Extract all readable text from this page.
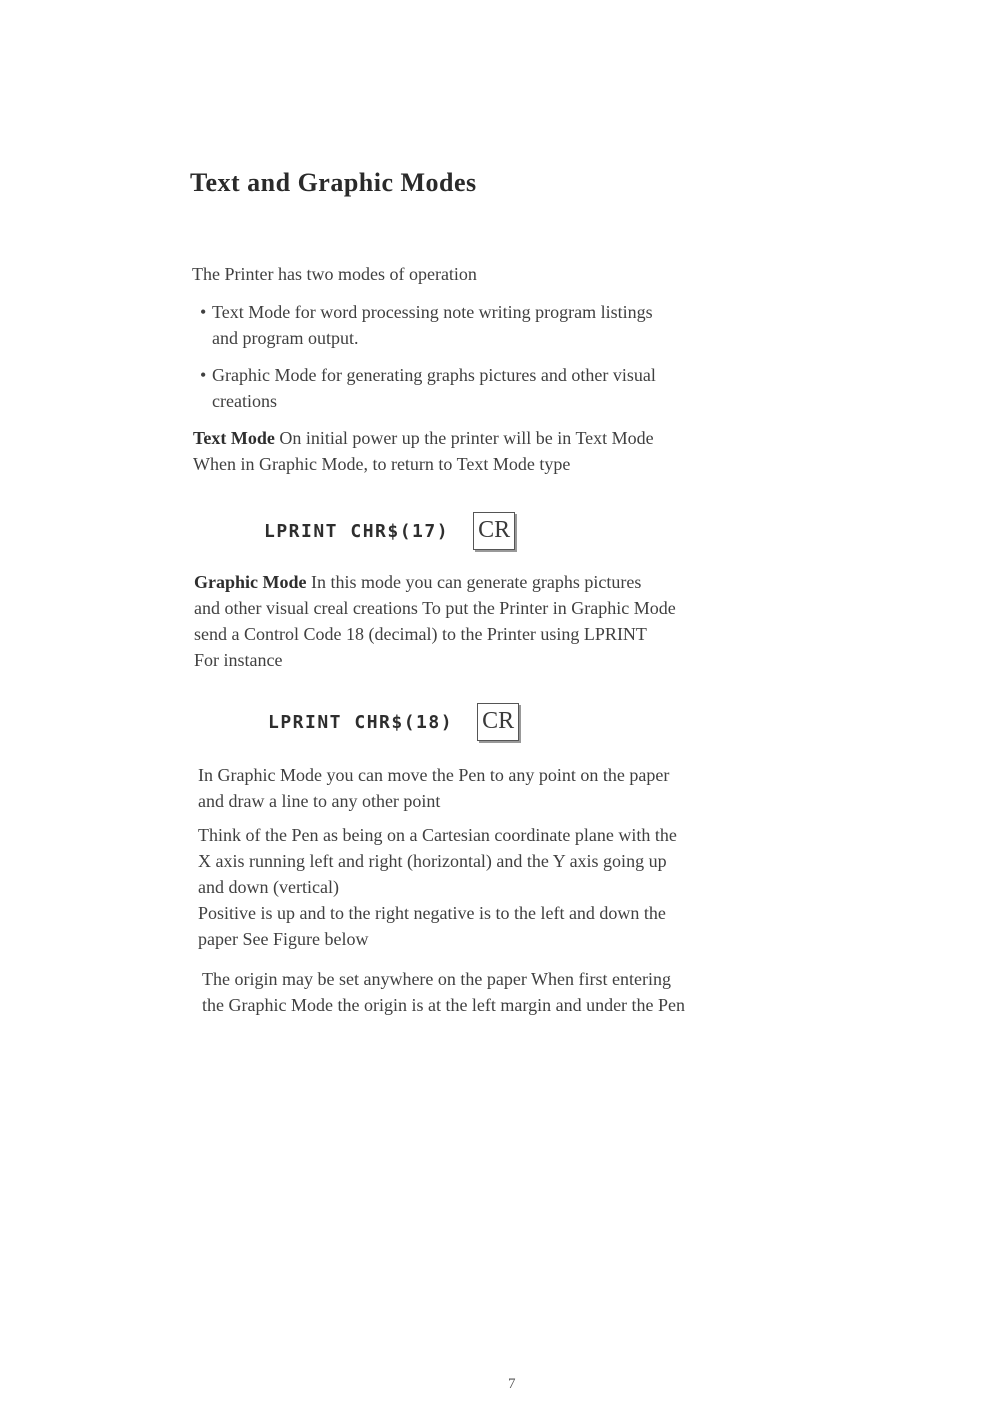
Text and Graphic Modes

The Printer has two modes of operation

• Text Mode for word processing note writing program listings
and program output.
• Graphic Mode for generating graphs pictures and other visual
creations
Text Mode On initial power up the printer will be in Text Mode
When in Graphic Mode, to return to Text Mode type
LPRINT CHR$(17) CR
Graphic Mode In this mode you can generate graphs pictures
and other visual creal creations To put the Printer in Graphic Mode
send a Control Code 18 (decimal) to the Printer using LPRINT
For instance
LPRINT CHR$(18) CR
In Graphic Mode you can move the Pen to any point on the paper
and draw a line to any other point
Think of the Pen as being on a Cartesian coordinate plane with the
X axis running left and right (horizontal) and the Y axis going up
and down (vertical)
Positive is up and to the right negative is to the left and down the
paper See Figure below
The origin may be set anywhere on the paper When first entering
the Graphic Mode the origin is at the left margin and under the Pen
7
